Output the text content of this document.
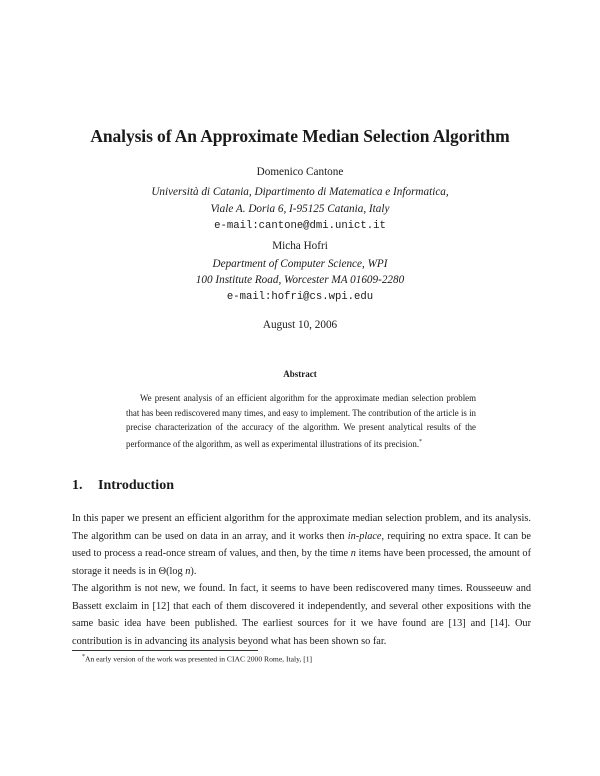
Analysis of An Approximate Median Selection Algorithm
Domenico Cantone
Università di Catania, Dipartimento di Matematica e Informatica,
Viale A. Doria 6, I-95125 Catania, Italy
e-mail:cantone@dmi.unict.it
Micha Hofri
Department of Computer Science, WPI
100 Institute Road, Worcester MA 01609-2280
e-mail:hofri@cs.wpi.edu
August 10, 2006
Abstract
We present analysis of an efficient algorithm for the approximate median selection problem that has been rediscovered many times, and easy to implement. The contribution of the article is in precise characterization of the accuracy of the algorithm. We present analytical results of the performance of the algorithm, as well as experimental illustrations of its precision.*
1. Introduction
In this paper we present an efficient algorithm for the approximate median selection problem, and its analysis. The algorithm can be used on data in an array, and it works then in-place, requiring no extra space. It can be used to process a read-once stream of values, and then, by the time n items have been processed, the amount of storage it needs is in Θ(log n).
The algorithm is not new, we found. In fact, it seems to have been rediscovered many times. Rousseeuw and Bassett exclaim in [12] that each of them discovered it independently, and several other expositions with the same basic idea have been published. The earliest sources for it we have found are [13] and [14]. Our contribution is in advancing its analysis beyond what has been shown so far.
*An early version of the work was presented in CIAC 2000 Rome, Italy, [1]
